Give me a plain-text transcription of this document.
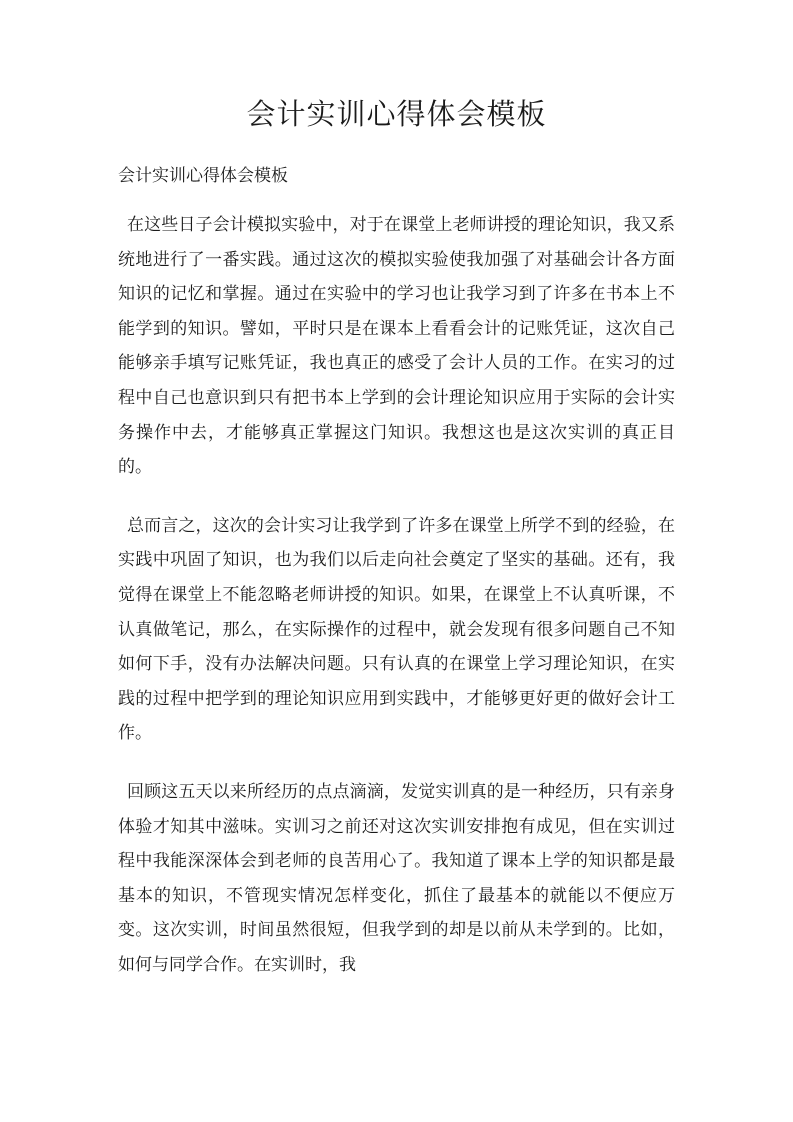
会计实训心得体会模板

会计实训心得体会模板

在这些日子会计模拟实验中，对于在课堂上老师讲授的理论知识，我又系统地进行了一番实践。通过这次的模拟实验使我加强了对基础会计各方面知识的记忆和掌握。通过在实验中的学习也让我学习到了许多在书本上不能学到的知识。譬如，平时只是在课本上看看会计的记账凭证，这次自己能够亲手填写记账凭证，我也真正的感受了会计人员的工作。在实习的过程中自己也意识到只有把书本上学到的会计理论知识应用于实际的会计实务操作中去，才能够真正掌握这门知识。我想这也是这次实训的真正目的。

总而言之，这次的会计实习让我学到了许多在课堂上所学不到的经验，在实践中巩固了知识，也为我们以后走向社会奠定了坚实的基础。还有，我觉得在课堂上不能忽略老师讲授的知识。如果，在课堂上不认真听课，不认真做笔记，那么，在实际操作的过程中，就会发现有很多问题自己不知如何下手，没有办法解决问题。只有认真的在课堂上学习理论知识，在实践的过程中把学到的理论知识应用到实践中，才能够更好更的做好会计工作。

回顾这五天以来所经历的点点滴滴，发觉实训真的是一种经历，只有亲身体验才知其中滋味。实训习之前还对这次实训安排抱有成见，但在实训过程中我能深深体会到老师的良苦用心了。我知道了课本上学的知识都是最基本的知识，不管现实情况怎样变化，抓住了最基本的就能以不便应万变。这次实训，时间虽然很短，但我学到的却是以前从未学到的。比如，如何与同学合作。在实训时，我
